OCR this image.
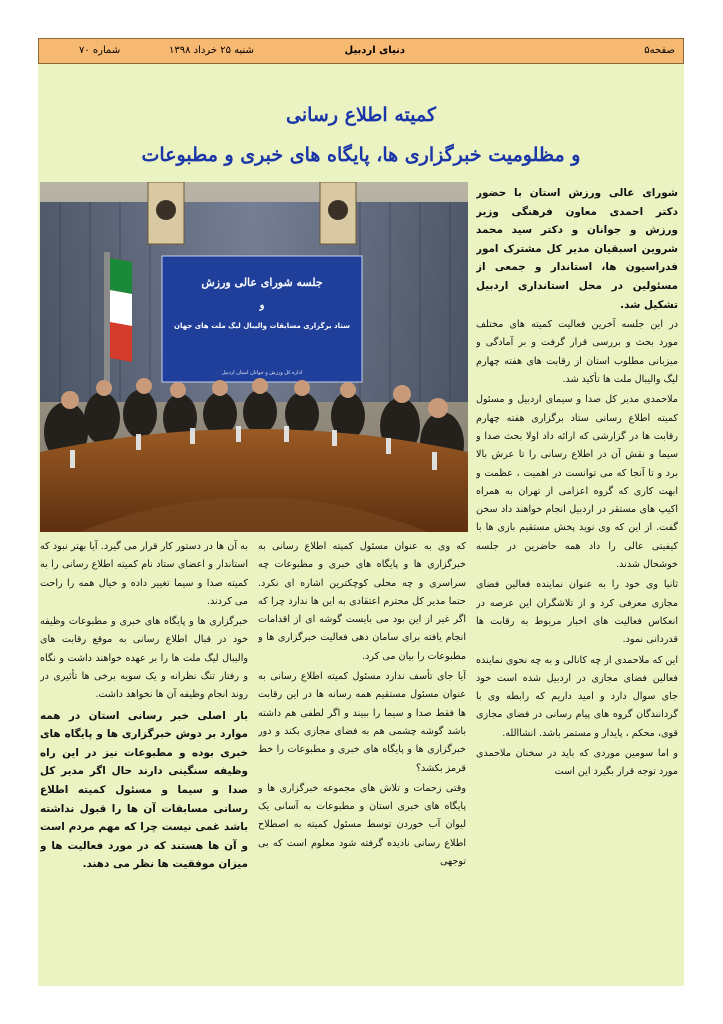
صفحه۵
دنیای اردبیل
شنبه ۲۵ خرداد ۱۳۹۸
شماره ۷۰
کمیته اطلاع رسانی
و مظلومیت خبرگزاری ها، پایگاه های خبری و مطبوعات
جلسه شورای عالی ورزش
و
ستاد برگزاری مسابقات والیبال لیگ ملت های جهان
اداره کل ورزش و جوانان استان اردبیل

شورای عالی ورزش استان با حضور دکتر احمدی معاون فرهنگی وزیر ورزش و جوانان و دکتر سید محمد شروین اسبقیان مدیر کل مشترک امور فدراسیون ها، استاندار و جمعی از مسئولین در محل استانداری اردبیل تشکیل شد.

در این جلسه آخرین فعالیت کمیته های مختلف مورد بحث و بررسی قرار گرفت و بر آمادگی و میزبانی مطلوب استان از رقابت های هفته چهارم لیگ والیبال ملت ها تأکید شد.

ملاحمدی مدیر کل صدا و سیمای اردبیل و مسئول کمیته اطلاع رسانی ستاد برگزاری هفته چهارم رقابت ها در گزارشی که ارائه داد اولا بحث صدا و سیما و نقش آن در اطلاع رسانی را تا عرش بالا برد و تا آنجا که می توانست در اهمیت ، عظمت و ابهت کاری که گروه اعزامی از تهران به همراه اکیپ های مستقر در اردبیل انجام خواهند داد سخن گفت. از این که وی نوید پخش مستقیم بازی ها با کیفیتی عالی را داد همه حاضرین در جلسه خوشحال شدند.

ثانیا وی خود را به عنوان نماینده فعالین فضای مجازی معرفی کرد و از تلاشگران این عرصه در انعکاس فعالیت های اخبار مربوط به رقابت ها قدردانی نمود.

این که ملاحمدی از چه کانالی و به چه نحوی نماینده فعالین فضای مجازی در اردبیل شده است خود جای سوال دارد و امید داریم که رابطه وی با گردانندگان گروه های پیام رسانی در فضای مجازی قوی، محکم ، پایدار و مستمر باشد. انشاالله.

و اما سومین موردی که باید در سخنان ملاحمدی مورد توجه قرار بگیرد این است

که وی به عنوان مسئول کمیته اطلاع رسانی به خبرگزاری ها و پایگاه های خبری و مطبوعات چه سراسری و چه محلی کوچکترین اشاره ای نکرد. حتما مدیر کل محترم اعتقادی به این ها ندارد چرا که اگر غیر از این بود می بایست گوشه ای از اقدامات انجام یافته برای سامان دهی فعالیت خبرگزاری ها و مطبوعات را بیان می کرد.

آیا جای تأسف ندارد مسئول کمیته اطلاع رسانی به عنوان مسئول مستقیم همه رسانه ها در این رقابت ها فقط صدا و سیما را ببیند و اگر لطفی هم داشته باشد گوشه چشمی هم به فضای مجازی بکند و دور خبرگزاری ها و پایگاه های خبری و مطبوعات را خط قرمز بکشد؟

وقتی زحمات و تلاش های مجموعه خبرگزاری ها و پایگاه های خبری استان و مطبوعات به آسانی یک لیوان آب خوردن توسط مسئول کمیته به اصطلاح اطلاع رسانی نادیده گرفته شود معلوم است که بی توجهی

به آن ها در دستور کار قرار می گیرد. آیا بهتر نبود که استاندار و اعضای ستاد نام کمیته اطلاع رسانی را به کمیته صدا و سیما تغییر داده و خیال همه را راحت می کردند.

خبرگزاری ها و پایگاه های خبری و مطبوعات وظیفه خود در قبال اطلاع رسانی به موقع رقابت های والیبال لیگ ملت ها را بر عهده خواهند داشت و نگاه و رفتار تنگ نظرانه و یک سویه برخی ها تأثیری در روند انجام وظیفه آن ها نخواهد داشت.

بار اصلی خبر رسانی استان در همه موارد بر دوش خبرگزاری ها و پایگاه های خبری بوده و مطبوعات نیز در این راه وظیفه سنگینی دارند حال اگر مدیر کل صدا و سیما و مسئول کمیته اطلاع رسانی مسابقات آن ها را قبول نداشته باشد غمی نیست چرا که مهم مردم است و آن ها هستند که در مورد فعالیت ها و میزان موفقیت ها نظر می دهند.
